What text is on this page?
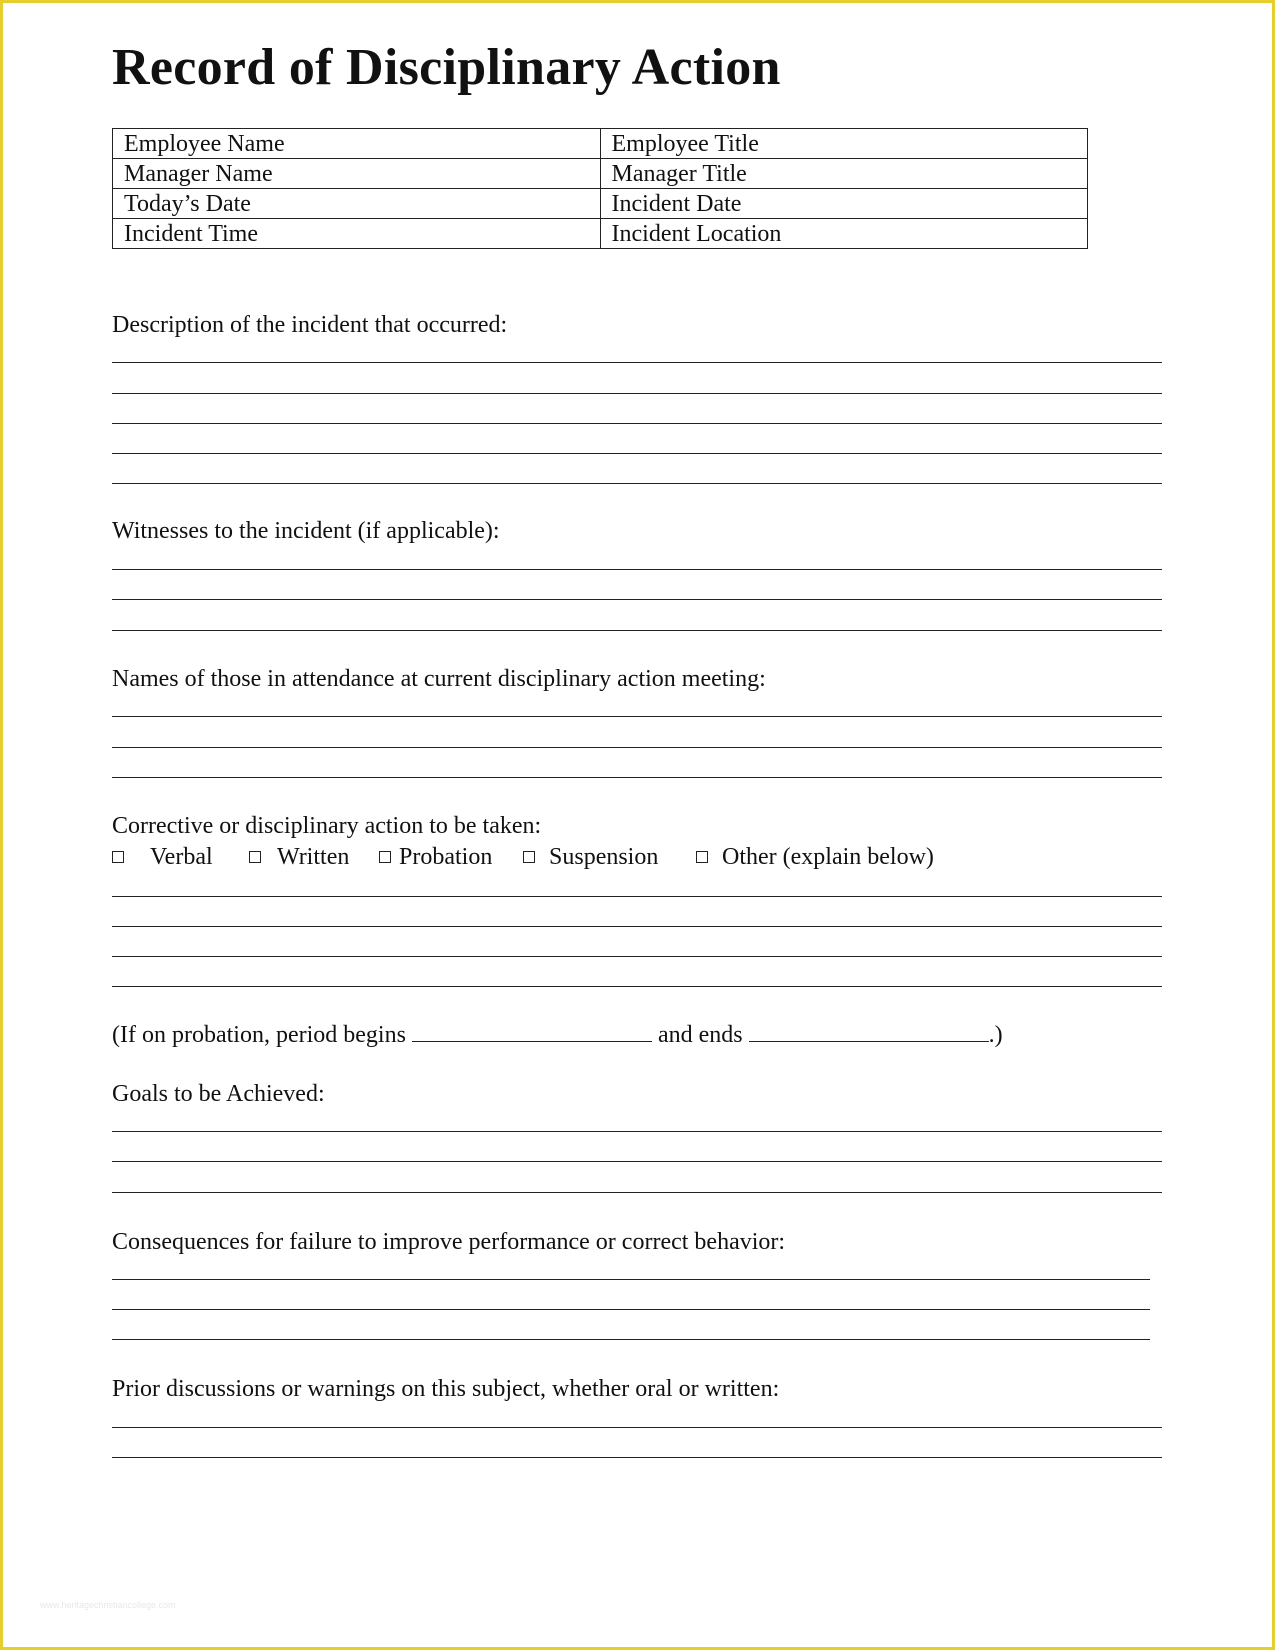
Record of Disciplinary Action
Employee Name	Employee Title
Manager Name	Manager Title
Today’s Date	Incident Date
Incident Time	Incident Location
Description of the incident that occurred:
Witnesses to the incident (if applicable):
Names of those in attendance at current disciplinary action meeting:
Corrective or disciplinary action to be taken:
Verbal	Written Probation Suspension	Other (explain below)
(If on probation, period begins	and ends	.)
Goals to be Achieved:
Consequences for failure to improve performance or correct behavior:
Prior discussions or warnings on this subject, whether oral or written:
www.heritagechristiancollege.com
